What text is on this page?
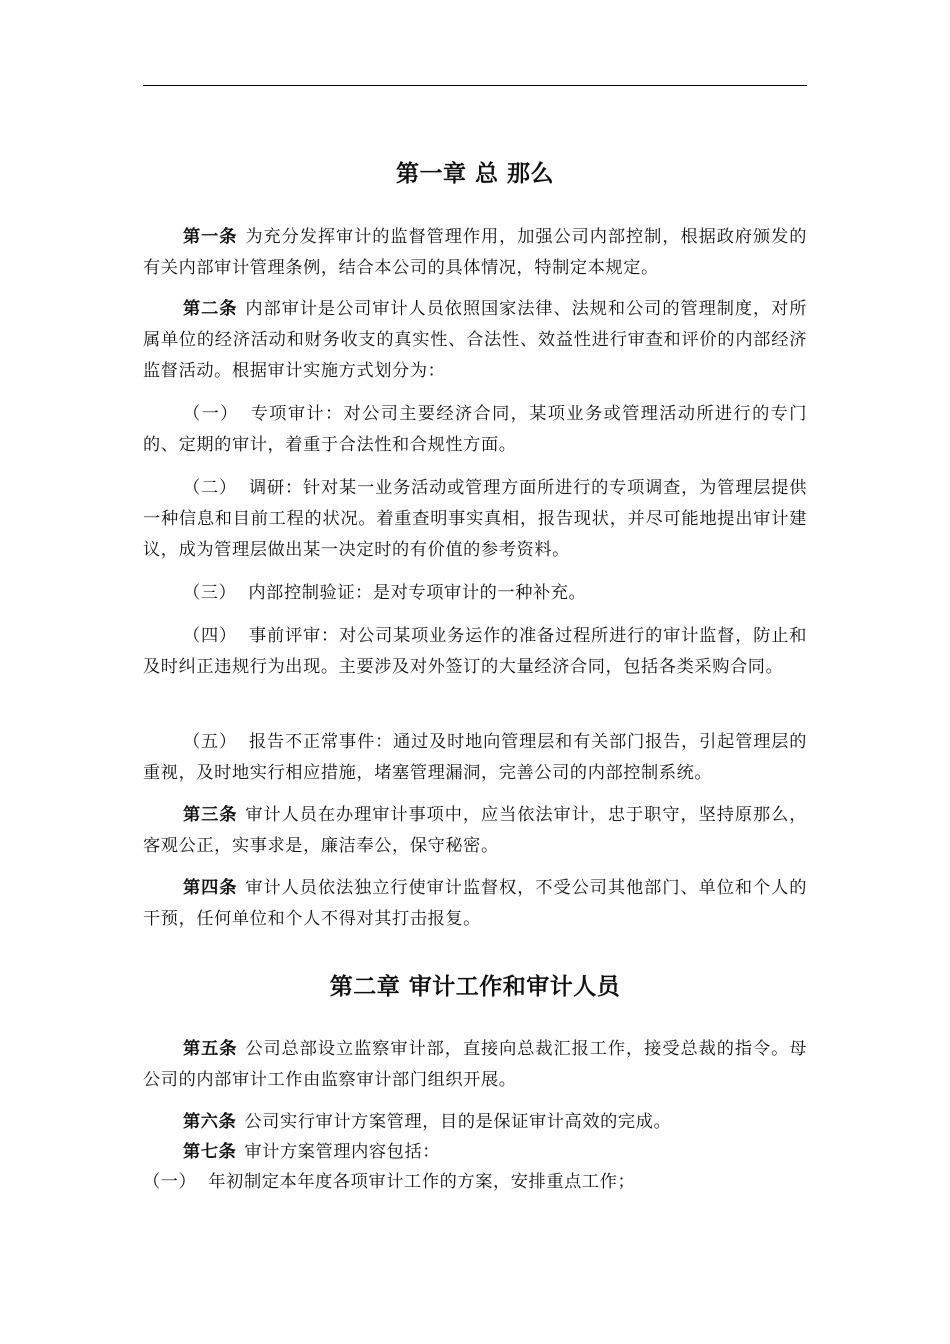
第一章 总 那么
第一条 为充分发挥审计的监督管理作用，加强公司内部控制，根据政府颁发的有关内部审计管理条例，结合本公司的具体情况，特制定本规定。
第二条 内部审计是公司审计人员依照国家法律、法规和公司的管理制度，对所属单位的经济活动和财务收支的真实性、合法性、效益性进行审查和评价的内部经济监督活动。根据审计实施方式划分为：
（一） 专项审计：对公司主要经济合同，某项业务或管理活动所进行的专门的、定期的审计，着重于合法性和合规性方面。
（二） 调研：针对某一业务活动或管理方面所进行的专项调查，为管理层提供一种信息和目前工程的状况。着重查明事实真相，报告现状，并尽可能地提出审计建议，成为管理层做出某一决定时的有价值的参考资料。
（三） 内部控制验证：是对专项审计的一种补充。
（四） 事前评审：对公司某项业务运作的准备过程所进行的审计监督，防止和及时纠正违规行为出现。主要涉及对外签订的大量经济合同，包括各类采购合同。
（五） 报告不正常事件：通过及时地向管理层和有关部门报告，引起管理层的重视，及时地实行相应措施，堵塞管理漏洞，完善公司的内部控制系统。
第三条 审计人员在办理审计事项中，应当依法审计，忠于职守，坚持原那么，客观公正，实事求是，廉洁奉公，保守秘密。
第四条 审计人员依法独立行使审计监督权，不受公司其他部门、单位和个人的干预，任何单位和个人不得对其打击报复。
第二章 审计工作和审计人员
第五条 公司总部设立监察审计部，直接向总裁汇报工作，接受总裁的指令。母公司的内部审计工作由监察审计部门组织开展。
第六条 公司实行审计方案管理，目的是保证审计高效的完成。
第七条 审计方案管理内容包括：
（一） 年初制定本年度各项审计工作的方案，安排重点工作；
